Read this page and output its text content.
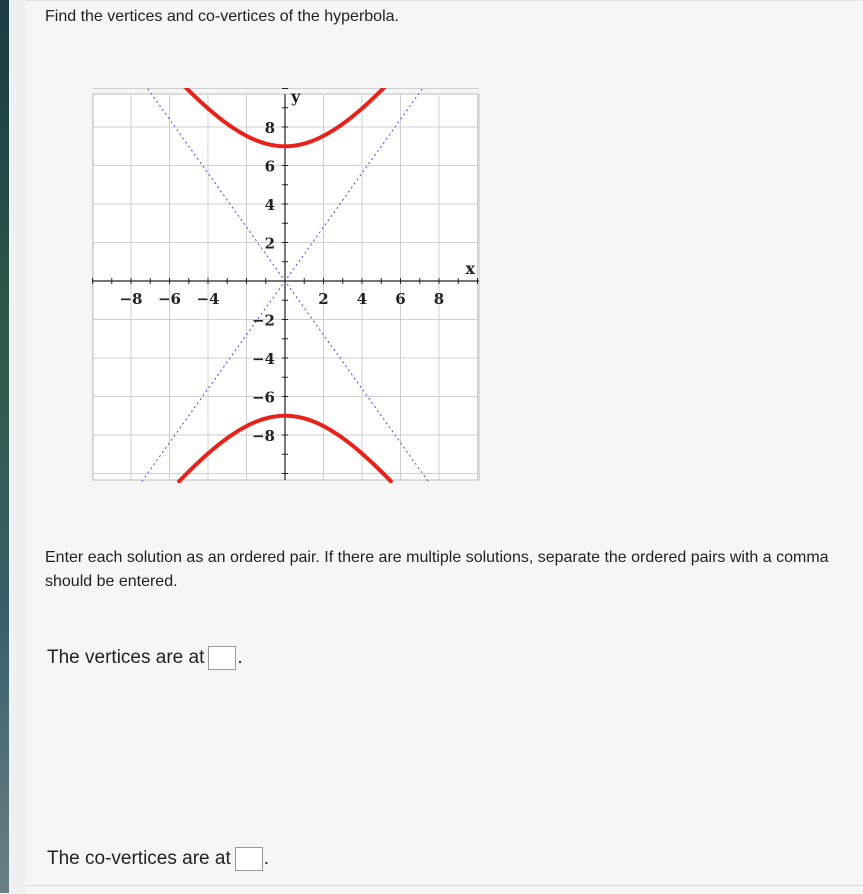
Find the vertices and co-vertices of the hyperbola.
−8 −6 −4	2 4 6 8
8
6
4
2
−2
−4
−6
−8
x
y
Enter each solution as an ordered pair. If there are multiple solutions, separate the ordered pairs with a comma
should be entered.
The vertices are at .
The co-vertices are at .
